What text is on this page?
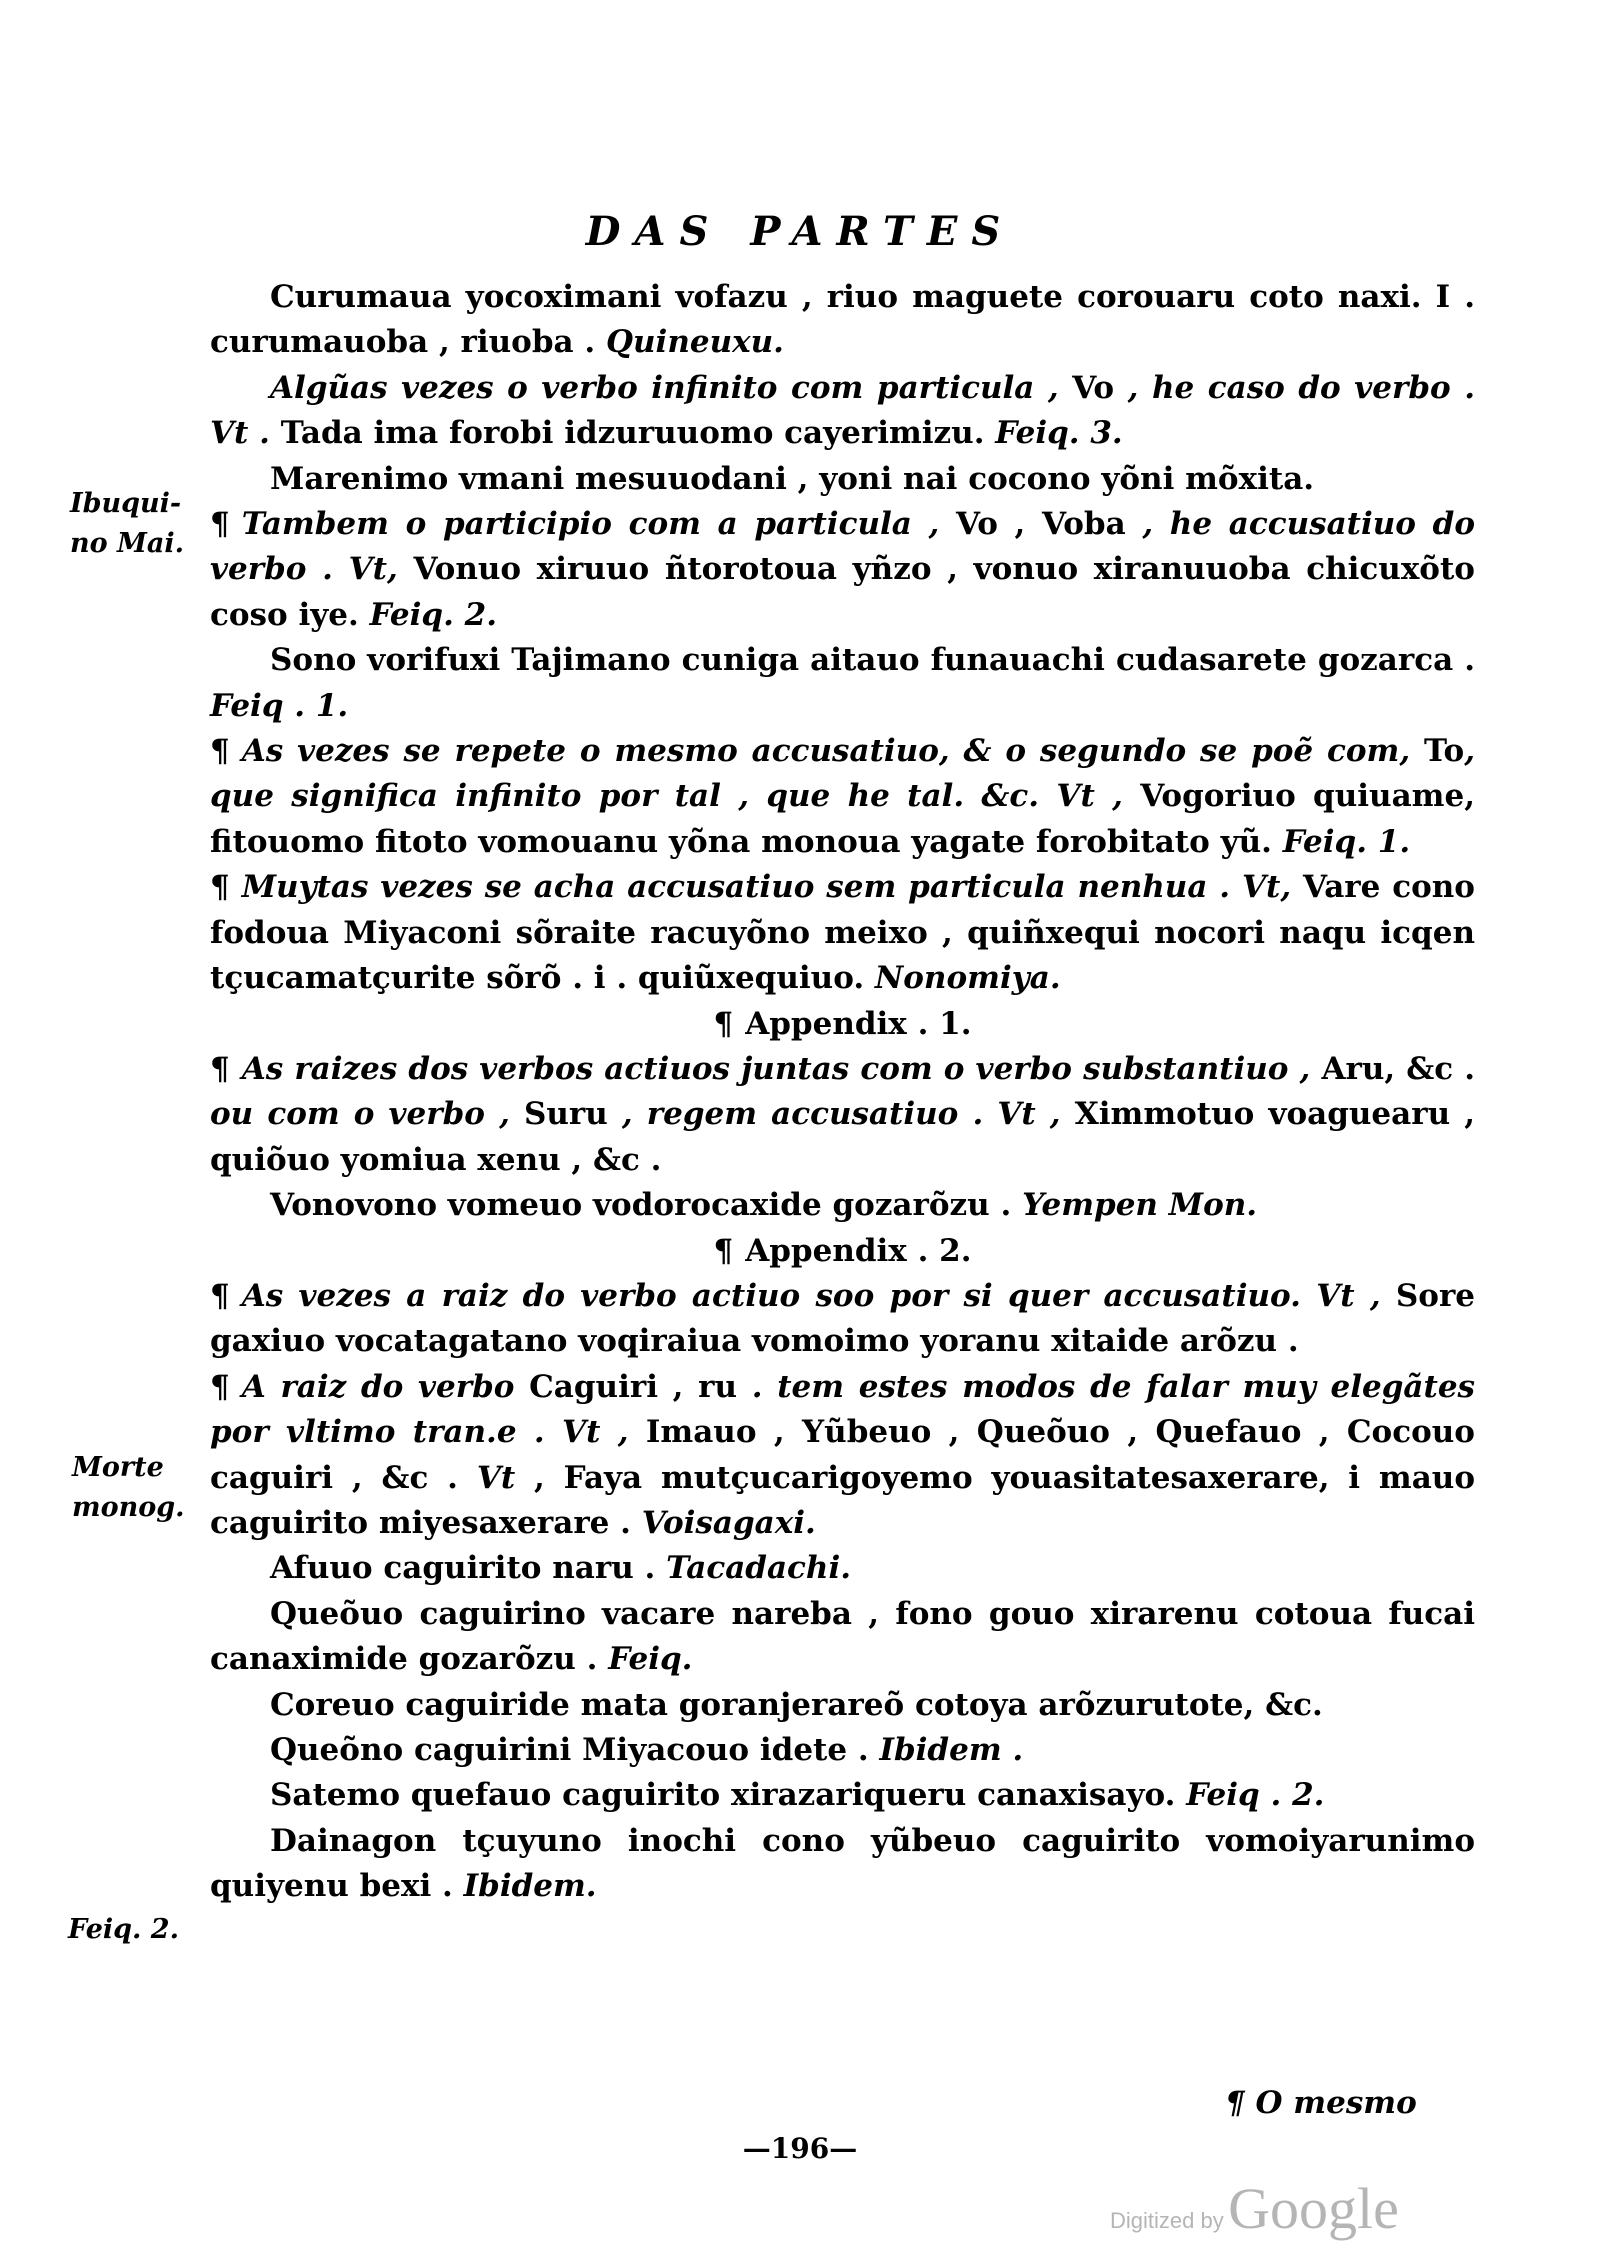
DAS PARTES

Curumaua yocoximani vofazu , riuo maguete corouaru coto naxi. I . curumauoba , riuoba . Quineuxu.

Algũas vezes o verbo infinito com particula , Vo , he caso do verbo . Vt . Tada ima forobi idzuruuomo cayerimizu. Feiq. 3.

Marenimo vmani mesuuodani , yoni nai cocono yõni mõxita.

¶ Tambem o participio com a particula , Vo , Voba , he accusatiuo do verbo . Vt, Vonuo xiruuo ñtorotoua yñzo , vonuo xiranuuoba chicuxõto coso iye. Feiq. 2.

Sono vorifuxi Tajimano cuniga aitauo funauachi cudasarete gozarca . Feiq . 1.

¶ As vezes se repete o mesmo accusatiuo, & o segundo se poẽ com, To, que significa infinito por tal , que he tal. &c. Vt , Vogoriuo quiuame, fitouomo fitoto vomouanu yõna monoua yagate forobitato yũ. Feiq. 1.

¶ Muytas vezes se acha accusatiuo sem particula nenhua . Vt, Vare cono fodoua Miyaconi sõraite racuyõno meixo , quiñxequi nocori naqu icqen tçucamatçurite sõrõ . i . quiũxequiuo. Nonomiya.

¶ Appendix . 1.

¶ As raizes dos verbos actiuos juntas com o verbo substantiuo , Aru, &c . ou com o verbo , Suru , regem accusatiuo . Vt , Ximmotuo voaguearu , quiõuo yomiua xenu , &c .

Vonovono vomeuo vodorocaxide gozarõzu . Yempen Mon.

¶ Appendix . 2.

¶ As vezes a raiz do verbo actiuo soo por si quer accusatiuo. Vt , Sore gaxiuo vocatagatano voqiraiua vomoimo yoranu xitaide arõzu .

¶ A raiz do verbo Caguiri , ru . tem estes modos de falar muy elegãtes por vltimo tran.e . Vt , Imauo , Yũbeuo , Queõuo , Quefauo , Cocouo caguiri , &c . Vt , Faya mutçucarigoyemo youasitatesaxerare, i mauo caguirito miyesaxerare . Voisagaxi.

Afuuo caguirito naru . Tacadachi.

Queõuo caguirino vacare nareba , fono gouo xirarenu cotoua fucai canaximide gozarõzu . Feiq.

Coreuo caguiride mata goranjerareõ cotoya arõzurutote, &c.

Queõno caguirini Miyacouo idete . Ibidem .

Satemo quefauo caguirito xirazariqueru canaxisayo. Feiq . 2.

Dainagon tçuyuno inochi cono yũbeuo caguirito vomoiyarunimo quiyenu bexi . Ibidem.

Ibuqui-
no Mai.
Morte
monog.
Feiq. 2.
¶ O mesmo
—196—
Digitized by Google
